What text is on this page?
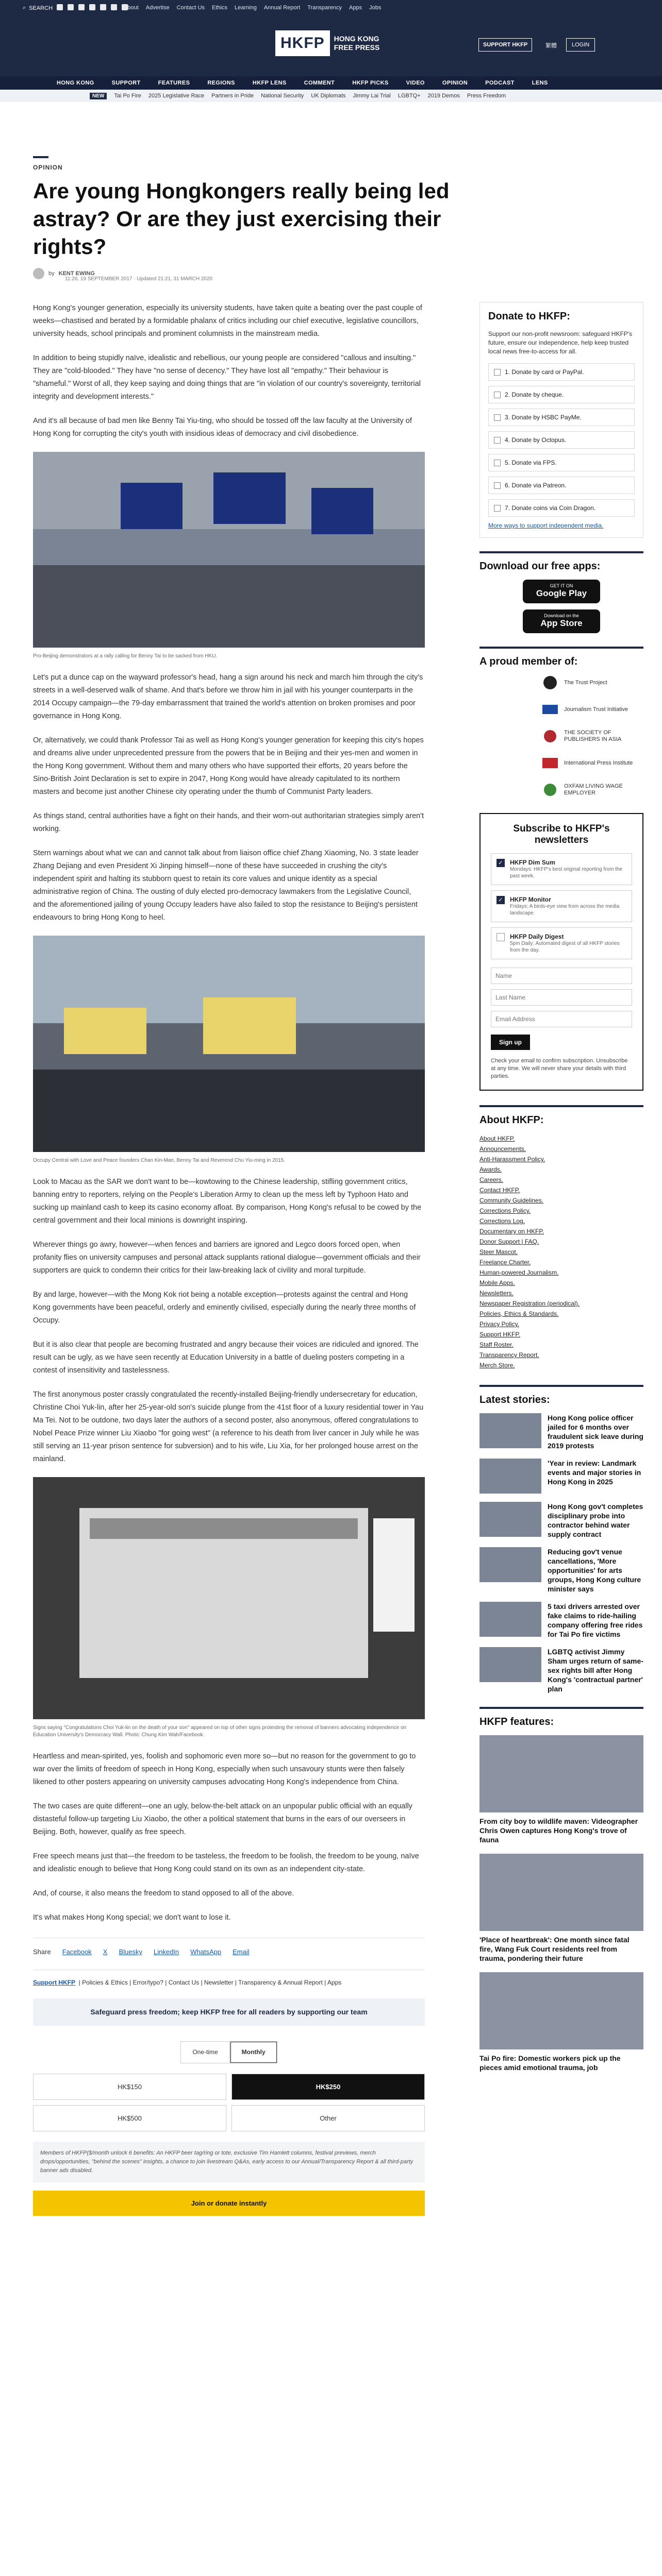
⌕ SEARCH	About Advertise Contact Us Ethics Learning Annual Report Transparency Apps Jobs
HKFP	HONG KONG
FREE PRESS	SUPPORT HKFP	繁體	LOGIN
HONG KONG	SUPPORT	FEATURES	REGIONS	HKFP LENS	COMMENT	HKFP PICKS	VIDEO	OPINION	PODCAST	LENS
NEW	Tai Po Fire 2025 Legislative Race Partners in Pride National Security UK Diplomats Jimmy Lai Trial LGBTQ+ 2019 Demos Press Freedom
OPINION
Are young Hongkongers really being led astray? Or are they just exercising their rights?
by KENT EWING
11:26, 19 SEPTEMBER 2017 · Updated 21:21, 31 MARCH 2020

Hong Kong's younger generation, especially its university students, have taken quite a beating over the past couple of weeks—chastised and berated by a formidable phalanx of critics including our chief executive, legislative councillors, university heads, school principals and prominent columnists in the mainstream media.

In addition to being stupidly naïve, idealistic and rebellious, our young people are considered "callous and insulting." They are "cold-blooded." They have "no sense of decency." They have lost all "empathy." Their behaviour is "shameful." Worst of all, they keep saying and doing things that are "in violation of our country's sovereignty, territorial integrity and development interests."

And it's all because of bad men like Benny Tai Yiu-ting, who should be tossed off the law faculty at the University of Hong Kong for corrupting the city's youth with insidious ideas of democracy and civil disobedience.

Pro-Beijing demonstrators at a rally calling for Benny Tai to be sacked from HKU.

Let's put a dunce cap on the wayward professor's head, hang a sign around his neck and march him through the city's streets in a well-deserved walk of shame. And that's before we throw him in jail with his younger counterparts in the 2014 Occupy campaign—the 79-day embarrassment that trained the world's attention on broken promises and poor governance in Hong Kong.

Or, alternatively, we could thank Professor Tai as well as Hong Kong's younger generation for keeping this city's hopes and dreams alive under unprecedented pressure from the powers that be in Beijing and their yes-men and women in the Hong Kong government. Without them and many others who have supported their efforts, 20 years before the Sino-British Joint Declaration is set to expire in 2047, Hong Kong would have already capitulated to its northern masters and become just another Chinese city operating under the thumb of Communist Party leaders.

As things stand, central authorities have a fight on their hands, and their worn-out authoritarian strategies simply aren't working.

Stern warnings about what we can and cannot talk about from liaison office chief Zhang Xiaoming, No. 3 state leader Zhang Dejiang and even President Xi Jinping himself—none of these have succeeded in crushing the city's independent spirit and halting its stubborn quest to retain its core values and unique identity as a special administrative region of China. The ousting of duly elected pro-democracy lawmakers from the Legislative Council, and the aforementioned jailing of young Occupy leaders have also failed to stop the resistance to Beijing's persistent endeavours to bring Hong Kong to heel.

Occupy Central with Love and Peace founders Chan Kin-Man, Benny Tai and Reverend Chu Yiu-ming in 2015.

Look to Macau as the SAR we don't want to be—kowtowing to the Chinese leadership, stifling government critics, banning entry to reporters, relying on the People's Liberation Army to clean up the mess left by Typhoon Hato and sucking up mainland cash to keep its casino economy afloat. By comparison, Hong Kong's refusal to be cowed by the central government and their local minions is downright inspiring.

Wherever things go awry, however—when fences and barriers are ignored and Legco doors forced open, when profanity flies on university campuses and personal attack supplants rational dialogue—government officials and their supporters are quick to condemn their critics for their law-breaking lack of civility and moral turpitude.

By and large, however—with the Mong Kok riot being a notable exception—protests against the central and Hong Kong governments have been peaceful, orderly and eminently civilised, especially during the nearly three months of Occupy.

But it is also clear that people are becoming frustrated and angry because their voices are ridiculed and ignored. The result can be ugly, as we have seen recently at Education University in a battle of dueling posters competing in a contest of insensitivity and tastelessness.

The first anonymous poster crassly congratulated the recently-installed Beijing-friendly undersecretary for education, Christine Choi Yuk-lin, after her 25-year-old son's suicide plunge from the 41st floor of a luxury residential tower in Yau Ma Tei. Not to be outdone, two days later the authors of a second poster, also anonymous, offered congratulations to Nobel Peace Prize winner Liu Xiaobo "for going west" (a reference to his death from liver cancer in July while he was still serving an 11-year prison sentence for subversion) and to his wife, Liu Xia, for her prolonged house arrest on the mainland.

Signs saying "Congratulations Choi Yuk-lin on the death of your son" appeared on top of other signs protesting the removal of banners advocating independence on Education University's Democracy Wall. Photo: Chung Kim Wah/Facebook.

Heartless and mean-spirited, yes, foolish and sophomoric even more so—but no reason for the government to go to war over the limits of freedom of speech in Hong Kong, especially when such unsavoury stunts were then falsely likened to other posters appearing on university campuses advocating Hong Kong's independence from China.

The two cases are quite different—one an ugly, below-the-belt attack on an unpopular public official with an equally distasteful follow-up targeting Liu Xiaobo, the other a political statement that burns in the ears of our overseers in Beijing. Both, however, qualify as free speech.

Free speech means just that—the freedom to be tasteless, the freedom to be foolish, the freedom to be young, naïve and idealistic enough to believe that Hong Kong could stand on its own as an independent city-state.

And, of course, it also means the freedom to stand opposed to all of the above.

It's what makes Hong Kong special; we don't want to lose it.

Share Facebook X Bluesky LinkedIn WhatsApp Email
Support HKFP  | Policies & Ethics | Error/typo? | Contact Us | Newsletter | Transparency & Annual Report | Apps
Safeguard press freedom; keep HKFP free for all readers by supporting our team
One-time	Monthly
HK$150	HK$250
HK$500	Other
Members of HKFP($/month unlock 6 benefits: An HKFP beer tag/ring or tote, exclusive Tim Hamlett columns, festival previews, merch drops/opportunities, "behind the scenes" insights, a chance to join livestream Q&As, early access to our Annual/Transparency Report & all third-party banner ads disabled.
Join or donate instantly
Donate to HKFP:
Support our non-profit newsroom: safeguard HKFP's future, ensure our independence, help keep trusted local news free-to-access for all.
1. Donate by card or PayPal.
2. Donate by cheque.
3. Donate by HSBC PayMe.
4. Donate by Octopus.
5. Donate via FPS.
6. Donate via Patreon.
7. Donate coins via Coin Dragon.
More ways to support independent media.
Download our free apps:
GET IT ON
Google Play
Download on the
App Store
A proud member of:
The Trust Project
Journalism Trust Initiative
THE SOCIETY OF PUBLISHERS IN ASIA
International Press Institute
OXFAM LIVING WAGE EMPLOYER
Subscribe to HKFP's newsletters
✓ HKFP Dim Sum
Mondays: HKFP's best original reporting from the past week.
✓ HKFP Monitor
Fridays: A birds-eye view from across the media landscape.
HKFP Daily Digest
5pm Daily: Automated digest of all HKFP stories from the day.
Name Last Name Email Address Sign up
Check your email to confirm subscription. Unsubscribe at any time. We will never share your details with third parties.
About HKFP:
About HKFP.
Announcements.
Anti-Harassment Policy.
Awards.
Careers.
Contact HKFP.
Community Guidelines.
Corrections Policy.
Corrections Log.
Documentary on HKFP.
Donor Support | FAQ.
Steer Mascot.
Freelance Charter.
Human-powered Journalism.
Mobile Apps.
Newsletters.
Newspaper Registration (periodical).
Policies, Ethics & Standards.
Privacy Policy.
Support HKFP.
Staff Roster.
Transparency Report.
Merch Store.
Latest stories:
Hong Kong police officer jailed for 6 months over fraudulent sick leave during 2019 protests
'Year in review: Landmark events and major stories in Hong Kong in 2025
Hong Kong gov't completes disciplinary probe into contractor behind water supply contract
Reducing gov't venue cancellations, 'More opportunities' for arts groups, Hong Kong culture minister says
5 taxi drivers arrested over fake claims to ride-hailing company offering free rides for Tai Po fire victims
LGBTQ activist Jimmy Sham urges return of same-sex rights bill after Hong Kong's 'contractual partner' plan
HKFP features:
From city boy to wildlife maven: Videographer Chris Owen captures Hong Kong's trove of fauna
'Place of heartbreak': One month since fatal fire, Wang Fuk Court residents reel from trauma, pondering their future
Tai Po fire: Domestic workers pick up the pieces amid emotional trauma, job
